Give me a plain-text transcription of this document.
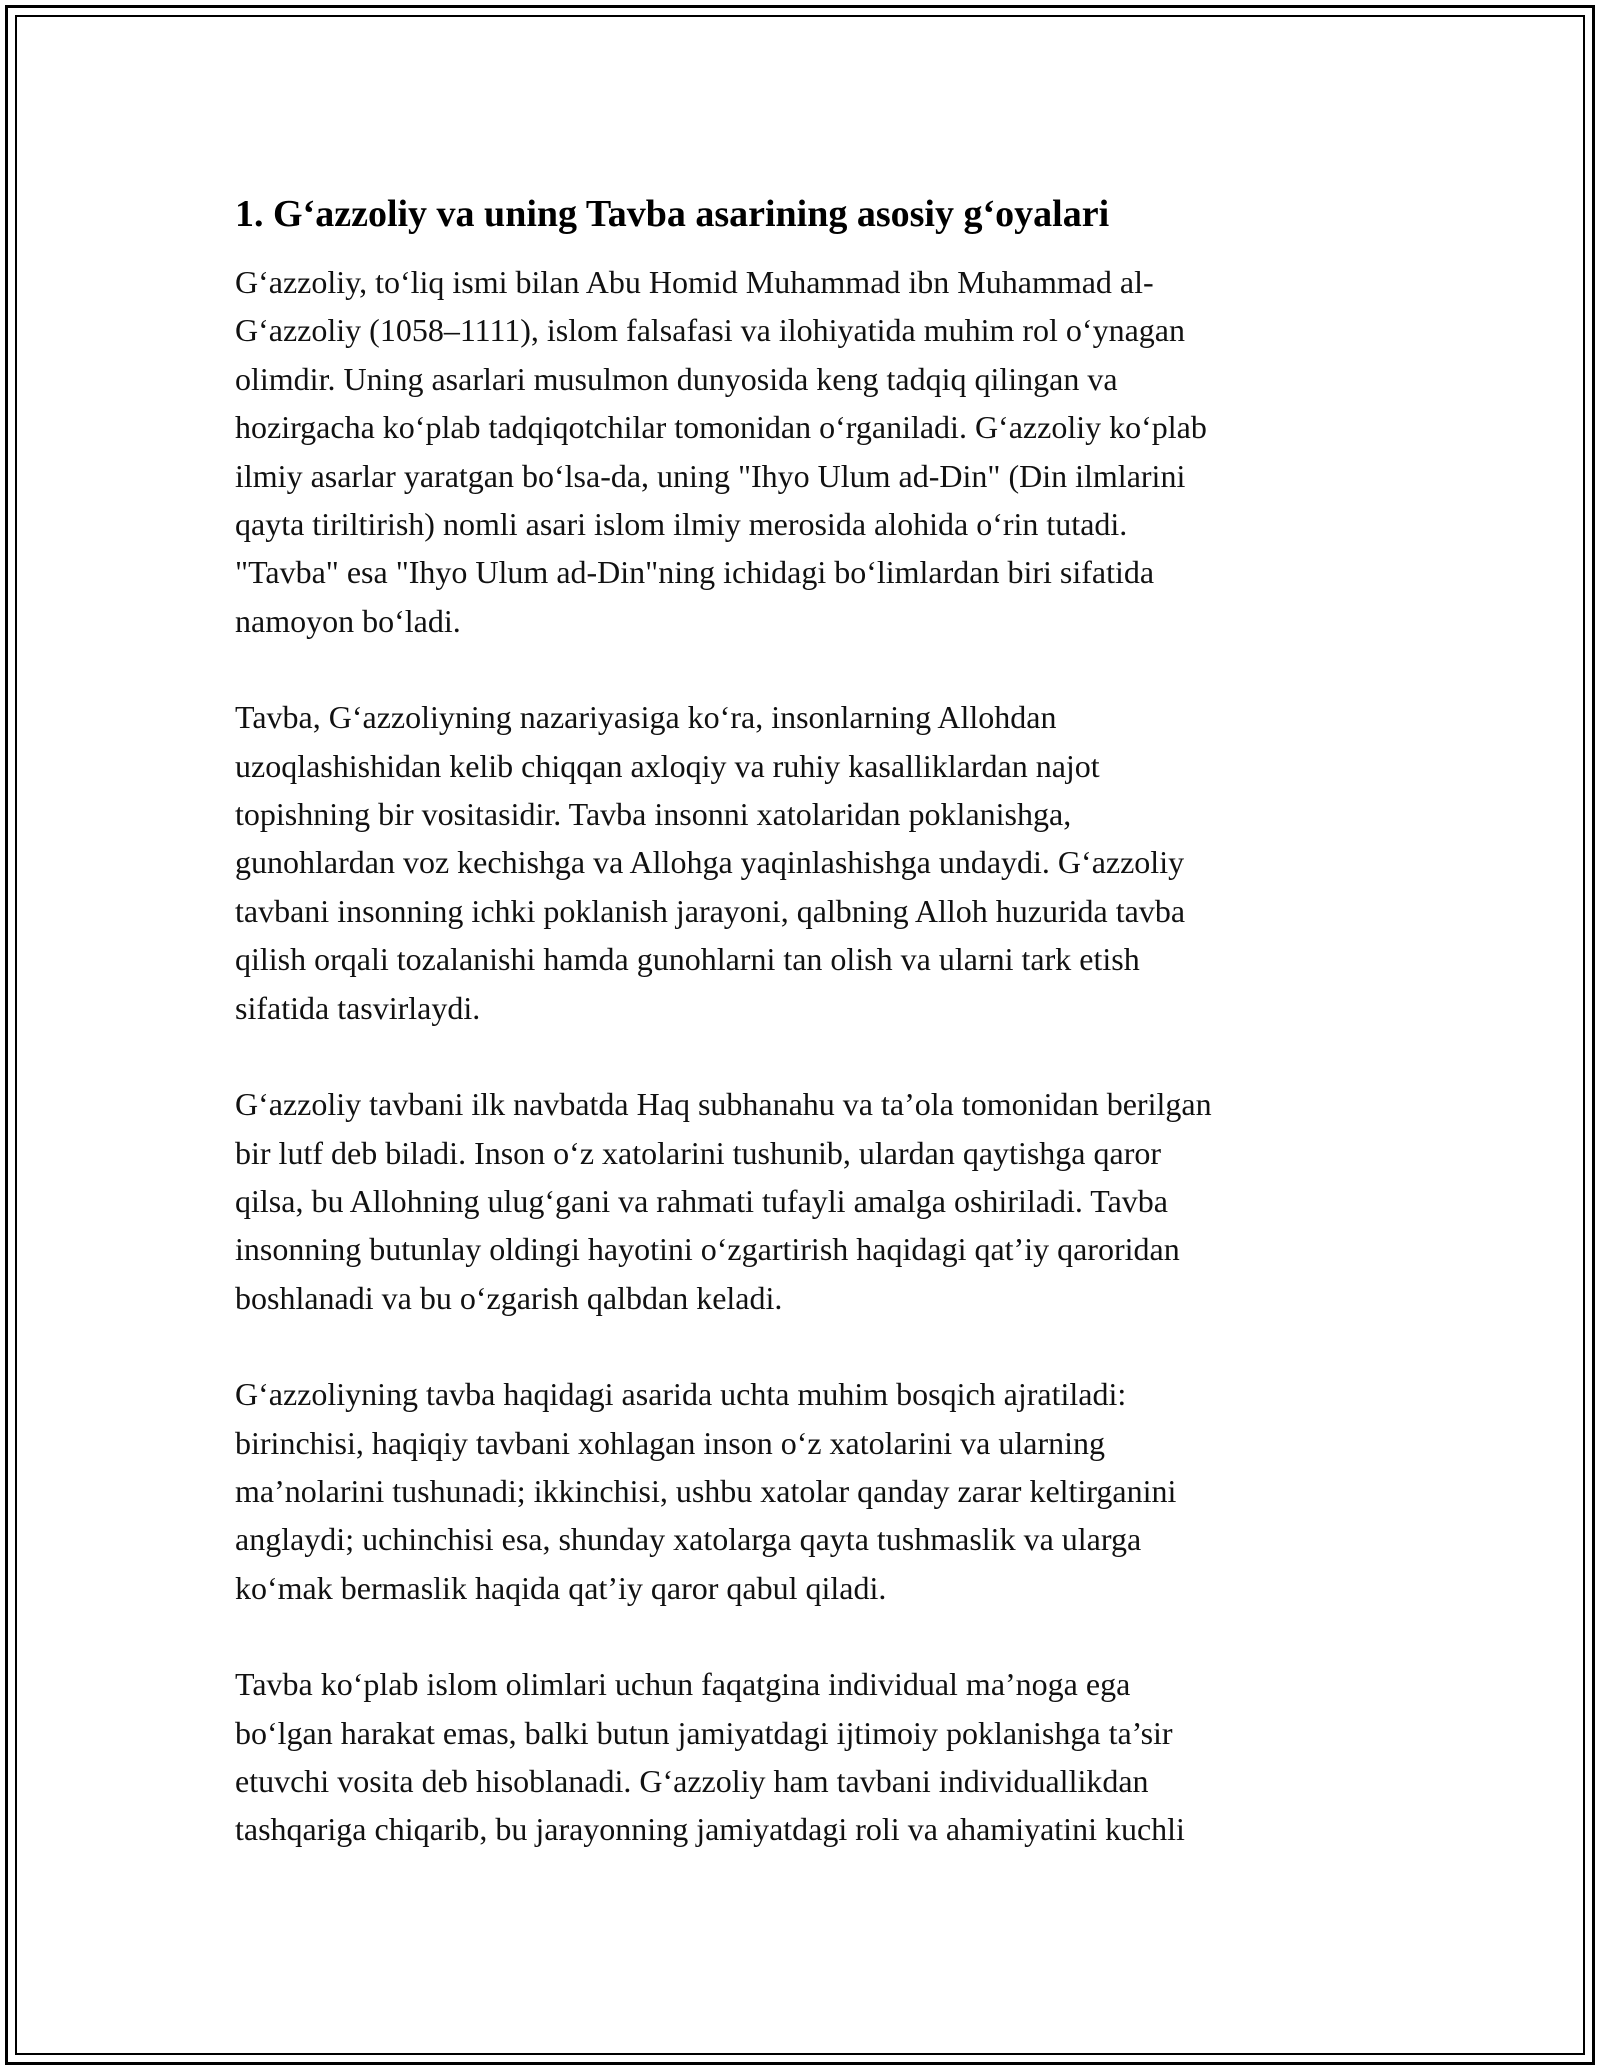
1. G‘azzoliy va uning Tavba asarining asosiy g‘oyalari

G‘azzoliy, to‘liq ismi bilan Abu Homid Muhammad ibn Muhammad al-
G‘azzoliy (1058–1111), islom falsafasi va ilohiyatida muhim rol o‘ynagan
olimdir. Uning asarlari musulmon dunyosida keng tadqiq qilingan va
hozirgacha ko‘plab tadqiqotchilar tomonidan o‘rganiladi. G‘azzoliy ko‘plab
ilmiy asarlar yaratgan bo‘lsa-da, uning "Ihyo Ulum ad-Din" (Din ilmlarini
qayta tiriltirish) nomli asari islom ilmiy merosida alohida o‘rin tutadi.
"Tavba" esa "Ihyo Ulum ad-Din"ning ichidagi bo‘limlardan biri sifatida
namoyon bo‘ladi.

Tavba, G‘azzoliyning nazariyasiga ko‘ra, insonlarning Allohdan
uzoqlashishidan kelib chiqqan axloqiy va ruhiy kasalliklardan najot
topishning bir vositasidir. Tavba insonni xatolaridan poklanishga,
gunohlardan voz kechishga va Allohga yaqinlashishga undaydi. G‘azzoliy
tavbani insonning ichki poklanish jarayoni, qalbning Alloh huzurida tavba
qilish orqali tozalanishi hamda gunohlarni tan olish va ularni tark etish
sifatida tasvirlaydi.

G‘azzoliy tavbani ilk navbatda Haq subhanahu va ta’ola tomonidan berilgan
bir lutf deb biladi. Inson o‘z xatolarini tushunib, ulardan qaytishga qaror
qilsa, bu Allohning ulug‘gani va rahmati tufayli amalga oshiriladi. Tavba
insonning butunlay oldingi hayotini o‘zgartirish haqidagi qat’iy qaroridan
boshlanadi va bu o‘zgarish qalbdan keladi.

G‘azzoliyning tavba haqidagi asarida uchta muhim bosqich ajratiladi:
birinchisi, haqiqiy tavbani xohlagan inson o‘z xatolarini va ularning
ma’nolarini tushunadi; ikkinchisi, ushbu xatolar qanday zarar keltirganini
anglaydi; uchinchisi esa, shunday xatolarga qayta tushmaslik va ularga
ko‘mak bermaslik haqida qat’iy qaror qabul qiladi.

Tavba ko‘plab islom olimlari uchun faqatgina individual ma’noga ega
bo‘lgan harakat emas, balki butun jamiyatdagi ijtimoiy poklanishga ta’sir
etuvchi vosita deb hisoblanadi. G‘azzoliy ham tavbani individuallikdan
tashqariga chiqarib, bu jarayonning jamiyatdagi roli va ahamiyatini kuchli
